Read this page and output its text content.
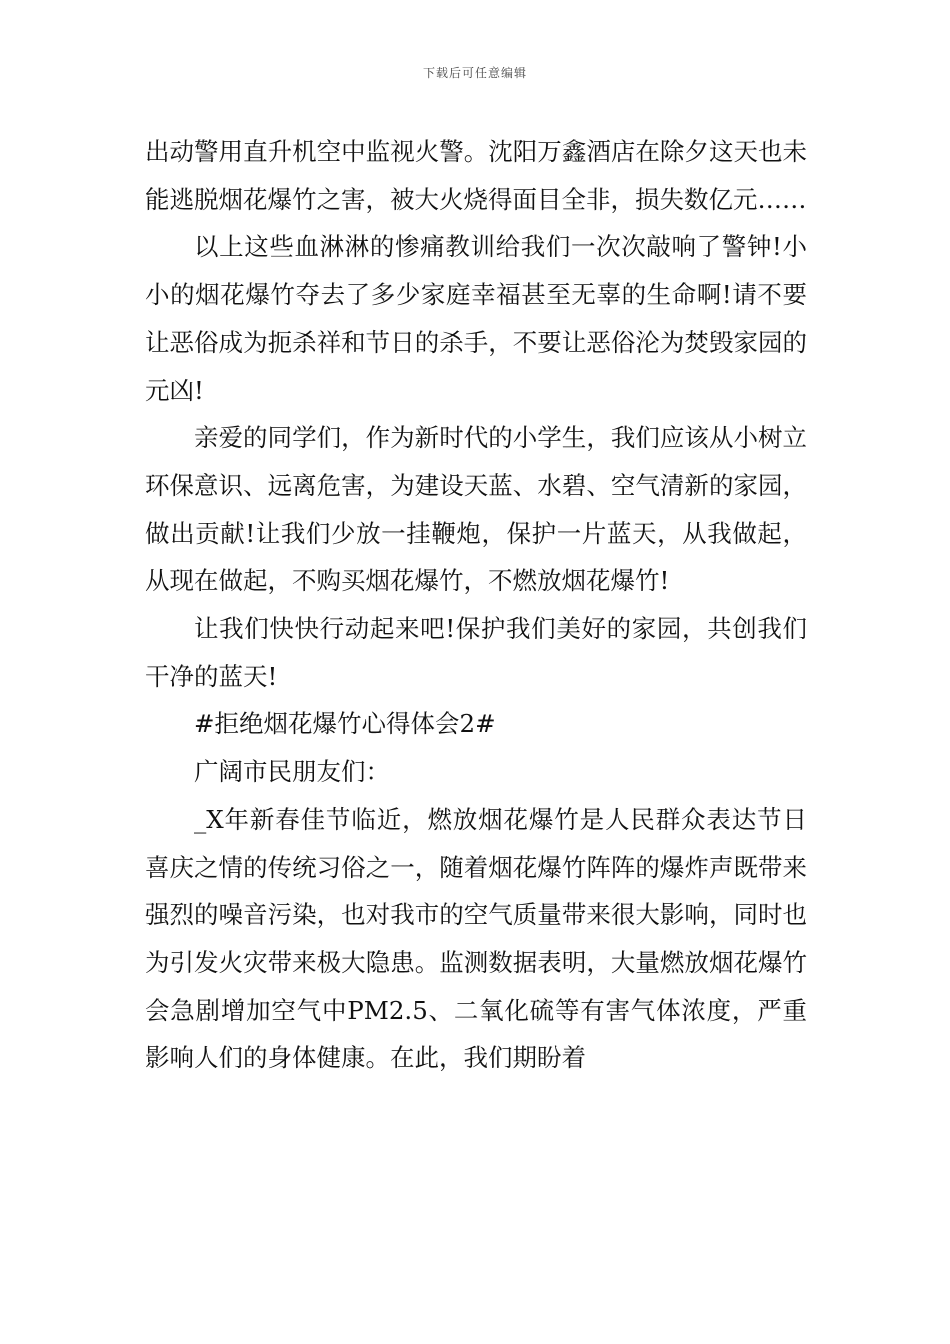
下载后可任意编辑

出动警用直升机空中监视火警。沈阳万鑫酒店在除夕这天也未能逃脱烟花爆竹之害，被大火烧得面目全非，损失数亿元……

以上这些血淋淋的惨痛教训给我们一次次敲响了警钟!小小的烟花爆竹夺去了多少家庭幸福甚至无辜的生命啊!请不要让恶俗成为扼杀祥和节日的杀手，不要让恶俗沦为焚毁家园的元凶!

亲爱的同学们，作为新时代的小学生，我们应该从小树立环保意识、远离危害，为建设天蓝、水碧、空气清新的家园，做出贡献!让我们少放一挂鞭炮，保护一片蓝天，从我做起，从现在做起，不购买烟花爆竹，不燃放烟花爆竹!

让我们快快行动起来吧!保护我们美好的家园，共创我们干净的蓝天!

#拒绝烟花爆竹心得体会2#

广阔市民朋友们：

_X年新春佳节临近，燃放烟花爆竹是人民群众表达节日喜庆之情的传统习俗之一，随着烟花爆竹阵阵的爆炸声既带来强烈的噪音污染，也对我市的空气质量带来很大影响，同时也为引发火灾带来极大隐患。监测数据表明，大量燃放烟花爆竹会急剧增加空气中PM2.5、二氧化硫等有害气体浓度，严重影响人们的身体健康。在此，我们期盼着
